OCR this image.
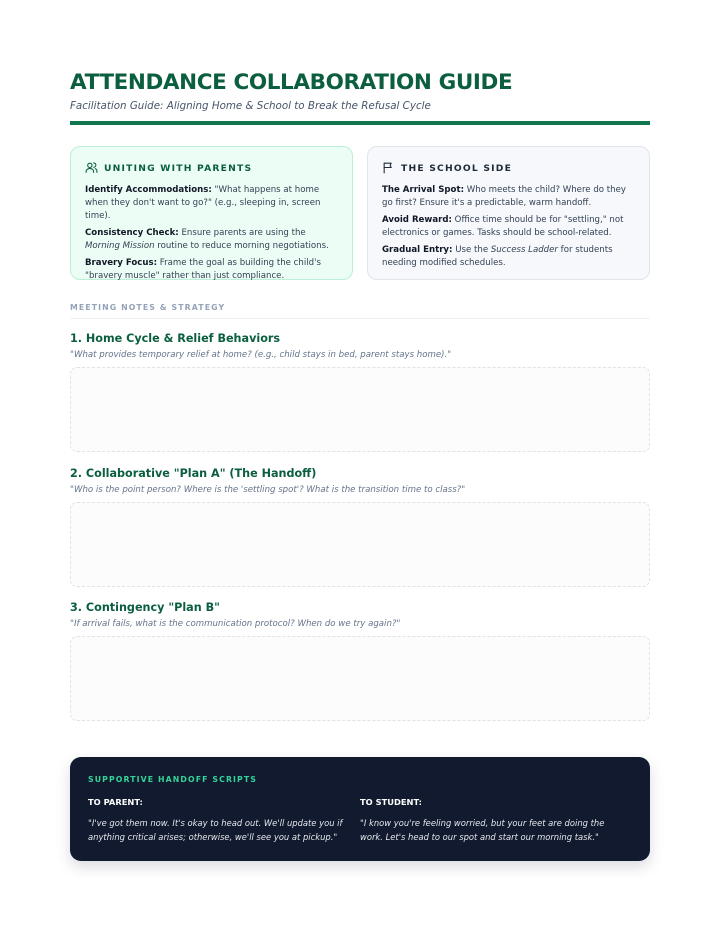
ATTENDANCE COLLABORATION GUIDE
Facilitation Guide: Aligning Home & School to Break the Refusal Cycle
UNITING WITH PARENTS

Identify Accommodations: "What happens at home when they don't want to go?" (e.g., sleeping in, screen time).

Consistency Check: Ensure parents are using the Morning Mission routine to reduce morning negotiations.

Bravery Focus: Frame the goal as building the child's "bravery muscle" rather than just compliance.

THE SCHOOL SIDE

The Arrival Spot: Who meets the child? Where do they go first? Ensure it's a predictable, warm handoff.

Avoid Reward: Office time should be for "settling," not electronics or games. Tasks should be school-related.

Gradual Entry: Use the Success Ladder for students needing modified schedules.

MEETING NOTES & STRATEGY
1. Home Cycle & Relief Behaviors
"What provides temporary relief at home? (e.g., child stays in bed, parent stays home)."
2. Collaborative "Plan A" (The Handoff)
"Who is the point person? Where is the 'settling spot'? What is the transition time to class?"
3. Contingency "Plan B"
"If arrival fails, what is the communication protocol? When do we try again?"
SUPPORTIVE HANDOFF SCRIPTS
TO PARENT:
"I've got them now. It's okay to head out. We'll update you if anything critical arises; otherwise, we'll see you at pickup."
TO STUDENT:
"I know you're feeling worried, but your feet are doing the work. Let's head to our spot and start our morning task."
